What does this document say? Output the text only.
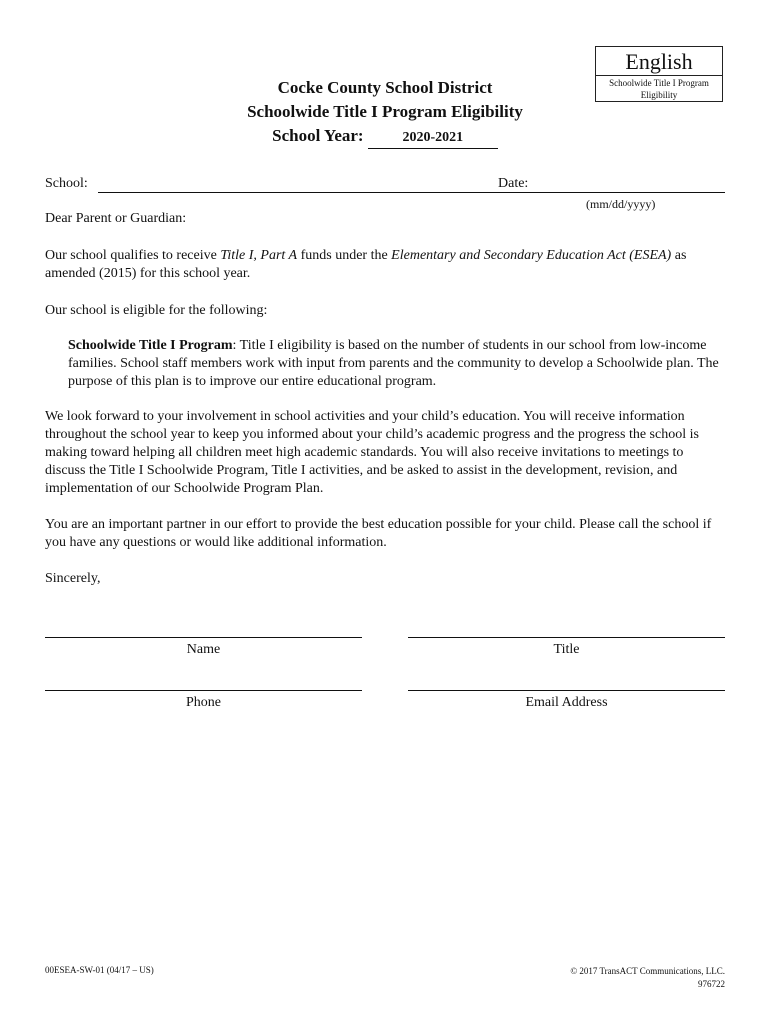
English
Schoolwide Title I Program Eligibility
Cocke County School District
Schoolwide Title I Program Eligibility
School Year:	2020-2021
School:	Date:
(mm/dd/yyyy)

Dear Parent or Guardian:

Our school qualifies to receive Title I, Part A funds under the Elementary and Secondary Education Act (ESEA) as amended (2015) for this school year.

Our school is eligible for the following:

Schoolwide Title I Program: Title I eligibility is based on the number of students in our school from low-income families. School staff members work with input from parents and the community to develop a Schoolwide plan. The purpose of this plan is to improve our entire educational program.

We look forward to your involvement in school activities and your child’s education. You will receive information throughout the school year to keep you informed about your child’s academic progress and the progress the school is making toward helping all children meet high academic standards. You will also receive invitations to meetings to discuss the Title I Schoolwide Program, Title I activities, and be asked to assist in the development, revision, and implementation of our Schoolwide Program Plan.

You are an important partner in our effort to provide the best education possible for your child. Please call the school if you have any questions or would like additional information.

Sincerely,

Name	Title
Phone	Email Address
00ESEA-SW-01 (04/17 – US)	© 2017 TransACT Communications, LLC.
976722
